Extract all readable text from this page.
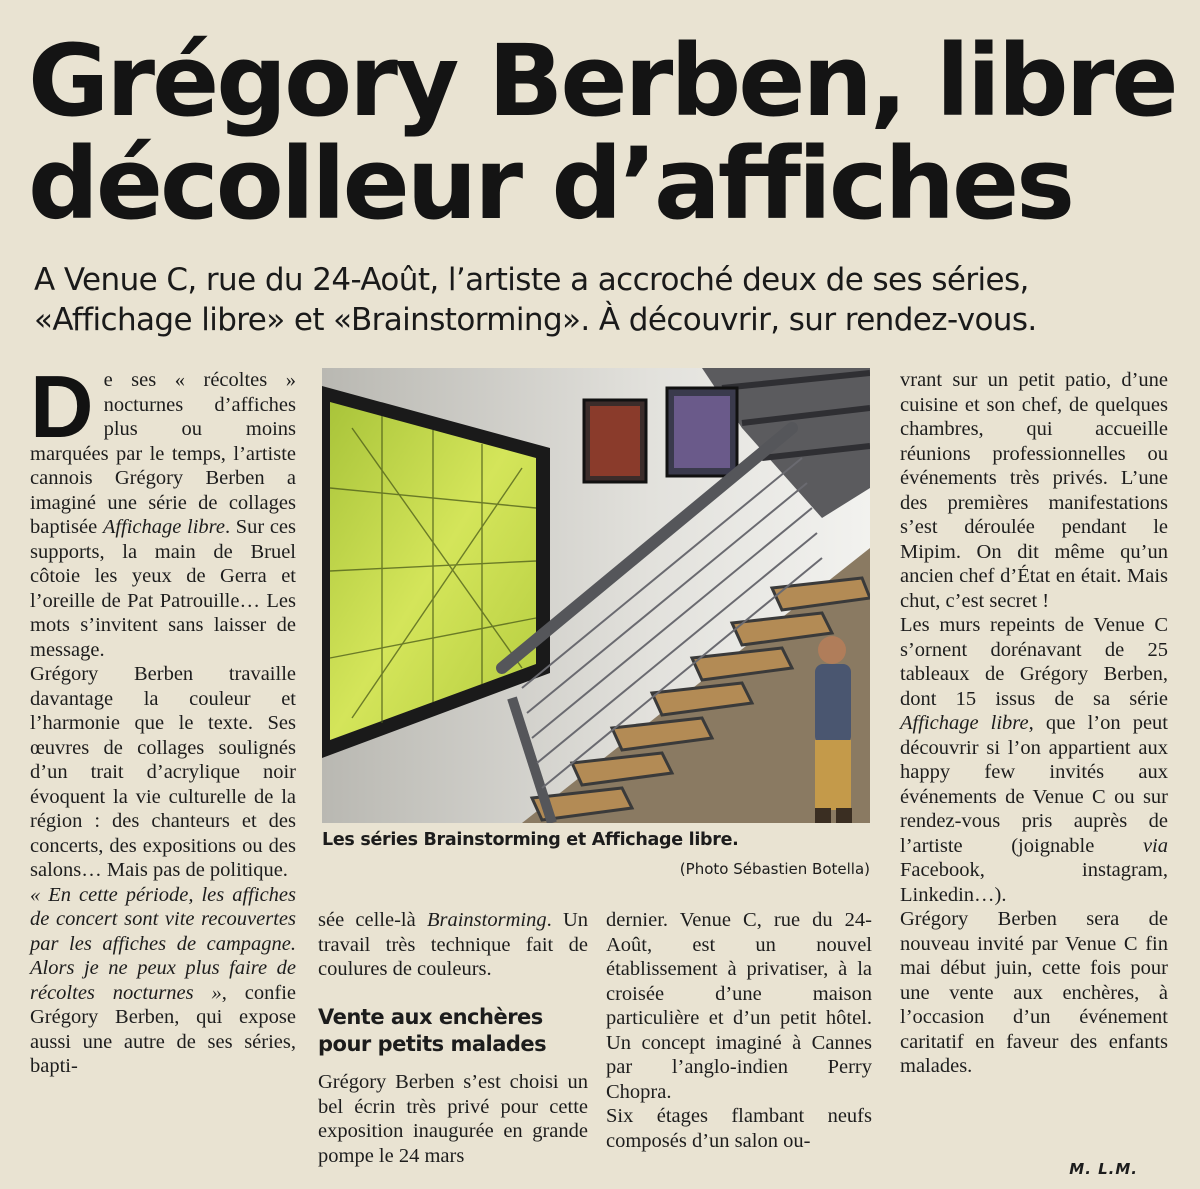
Grégory Berben, libre
décolleur d’affiches
A Venue C, rue du 24-Août, l’artiste a accroché deux de ses séries,
«Affichage libre» et «Brainstorming». À découvrir, sur rendez-vous.

De ses « récoltes » nocturnes d’affiches plus ou moins marquées par le temps, l’artiste cannois Grégory Berben a imaginé une série de collages baptisée Affichage libre. Sur ces supports, la main de Bruel côtoie les yeux de Gerra et l’oreille de Pat Patrouille… Les mots s’invitent sans laisser de message.

Grégory Berben travaille davantage la couleur et l’harmonie que le texte. Ses œuvres de collages soulignés d’un trait d’acrylique noir évoquent la vie culturelle de la région : des chanteurs et des concerts, des expositions ou des salons… Mais pas de politique.

« En cette période, les affiches de concert sont vite recouvertes par les affiches de campagne. Alors je ne peux plus faire de récoltes nocturnes », confie Grégory Berben, qui expose aussi une autre de ses séries, bapti-

Les séries Brainstorming et Affichage libre.
(Photo Sébastien Botella)

sée celle-là Brainstorming. Un travail très technique fait de coulures de couleurs.

Vente aux enchères pour petits malades

Grégory Berben s’est choisi un bel écrin très privé pour cette exposition inaugurée en grande pompe le 24 mars

dernier. Venue C, rue du 24-Août, est un nouvel établissement à privatiser, à la croisée d’une maison particulière et d’un petit hôtel. Un concept imaginé à Cannes par l’anglo-indien Perry Chopra.

Six étages flambant neufs composés d’un salon ou-

vrant sur un petit patio, d’une cuisine et son chef, de quelques chambres, qui accueille réunions professionnelles ou événements très privés. L’une des premières manifestations s’est déroulée pendant le Mipim. On dit même qu’un ancien chef d’État en était. Mais chut, c’est secret !

Les murs repeints de Venue C s’ornent dorénavant de 25 tableaux de Grégory Berben, dont 15 issus de sa série Affichage libre, que l’on peut découvrir si l’on appartient aux happy few invités aux événements de Venue C ou sur rendez-vous pris auprès de l’artiste (joignable via Facebook, instagram, Linkedin…).

Grégory Berben sera de nouveau invité par Venue C fin mai début juin, cette fois pour une vente aux enchères, à l’occasion d’un événement caritatif en faveur des enfants malades.

M. L.M.
